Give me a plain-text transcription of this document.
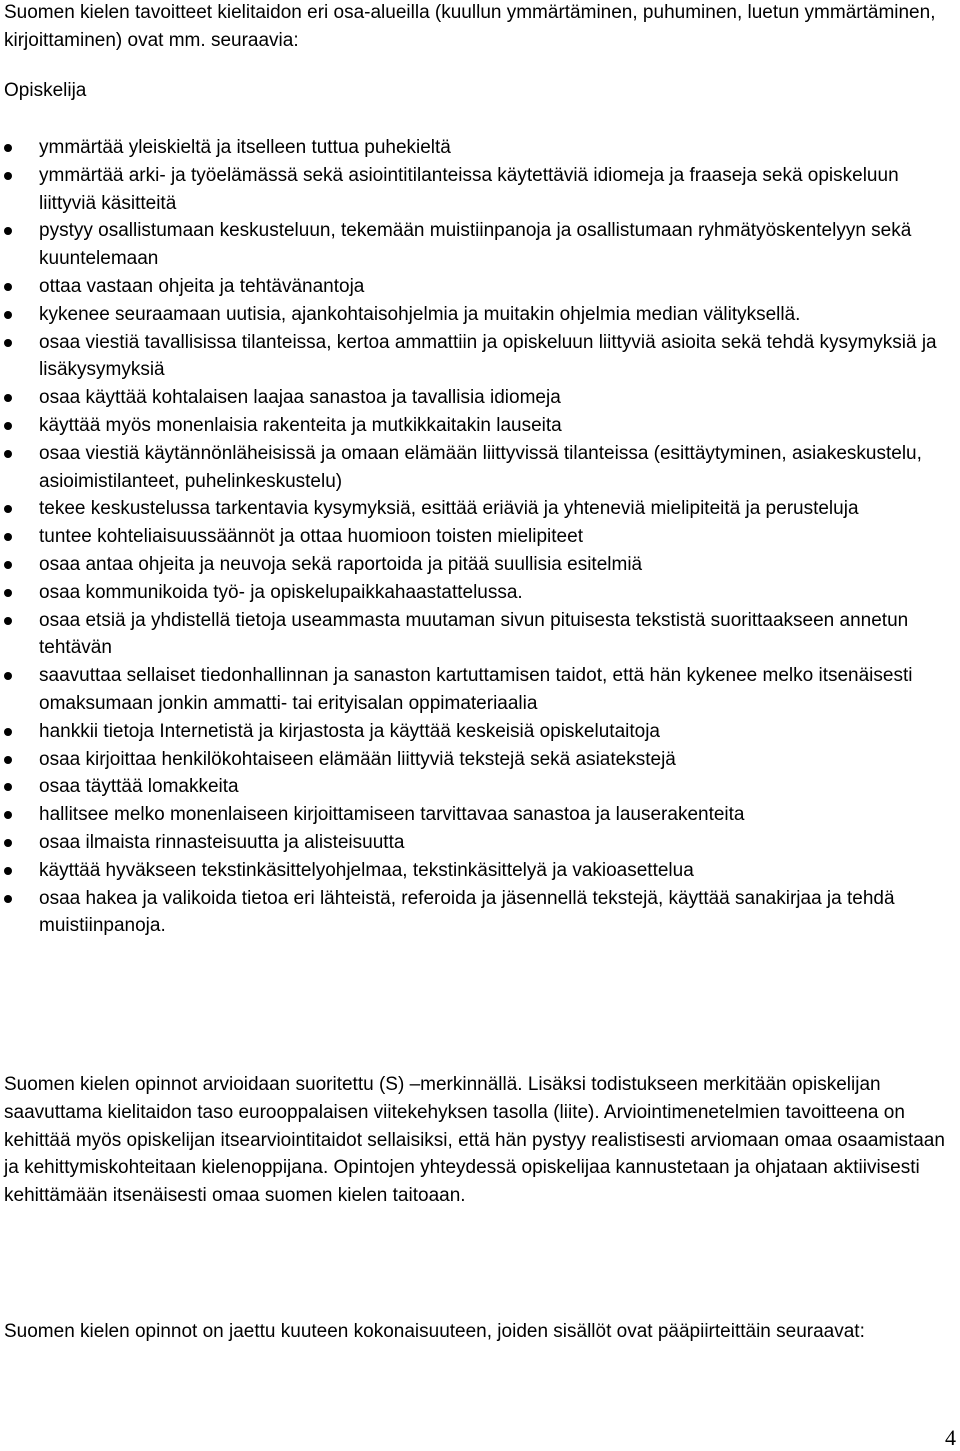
Suomen kielen tavoitteet kielitaidon eri osa-alueilla (kuullun ymmärtäminen, puhuminen, luetun ymmärtäminen, kirjoittaminen) ovat mm. seuraavia:

Opiskelija

ymmärtää yleiskieltä ja itselleen tuttua puhekieltä
ymmärtää arki- ja työelämässä sekä asiointitilanteissa käytettäviä idiomeja ja fraaseja sekä opiskeluun liittyviä käsitteitä
pystyy osallistumaan keskusteluun, tekemään muistiinpanoja ja osallistumaan ryhmätyöskentelyyn sekä kuuntelemaan
ottaa vastaan ohjeita ja tehtävänantoja
kykenee seuraamaan uutisia, ajankohtaisohjelmia ja muitakin ohjelmia median välityksellä.
osaa viestiä tavallisissa tilanteissa, kertoa ammattiin ja opiskeluun liittyviä asioita sekä tehdä kysymyksiä ja lisäkysymyksiä
osaa käyttää kohtalaisen laajaa sanastoa ja tavallisia idiomeja
käyttää myös monenlaisia rakenteita ja mutkikkaitakin lauseita
osaa viestiä käytännönläheisissä ja omaan elämään liittyvissä tilanteissa (esittäytyminen, asiakeskustelu, asioimistilanteet, puhelinkeskustelu)
tekee keskustelussa tarkentavia kysymyksiä, esittää eriäviä ja yhteneviä mielipiteitä ja perusteluja
tuntee kohteliaisuussäännöt ja ottaa huomioon toisten mielipiteet
osaa antaa ohjeita ja neuvoja sekä raportoida ja pitää suullisia esitelmiä
osaa kommunikoida työ- ja opiskelupaikkahaastattelussa.
osaa etsiä ja yhdistellä tietoja useammasta muutaman sivun pituisesta tekstistä suorittaakseen annetun tehtävän
saavuttaa sellaiset tiedonhallinnan ja sanaston kartuttamisen taidot, että hän kykenee melko itsenäisesti omaksumaan jonkin ammatti- tai erityisalan oppimateriaalia
hankkii tietoja Internetistä ja kirjastosta ja käyttää keskeisiä opiskelutaitoja
osaa kirjoittaa henkilökohtaiseen elämään liittyviä tekstejä sekä asiatekstejä
osaa täyttää lomakkeita
hallitsee melko monenlaiseen kirjoittamiseen tarvittavaa sanastoa ja lauserakenteita
osaa ilmaista rinnasteisuutta ja alisteisuutta
käyttää hyväkseen tekstinkäsittelyohjelmaa, tekstinkäsittelyä ja vakioasettelua
osaa hakea ja valikoida tietoa eri lähteistä, referoida ja jäsennellä tekstejä, käyttää sanakirjaa ja tehdä muistiinpanoja.

Suomen kielen opinnot arvioidaan suoritettu (S) –merkinnällä. Lisäksi todistukseen merkitään opiskelijan saavuttama kielitaidon taso eurooppalaisen viitekehyksen tasolla (liite). Arviointimenetelmien tavoitteena on kehittää myös opiskelijan itsearviointitaidot sellaisiksi, että hän pystyy realistisesti arviomaan omaa osaamistaan ja kehittymiskohteitaan kielenoppijana. Opintojen yhteydessä opiskelijaa kannustetaan ja ohjataan aktiivisesti kehittämään itsenäisesti omaa suomen kielen taitoaan.

Suomen kielen opinnot on jaettu kuuteen kokonaisuuteen, joiden sisällöt ovat pääpiirteittäin seuraavat:

4
